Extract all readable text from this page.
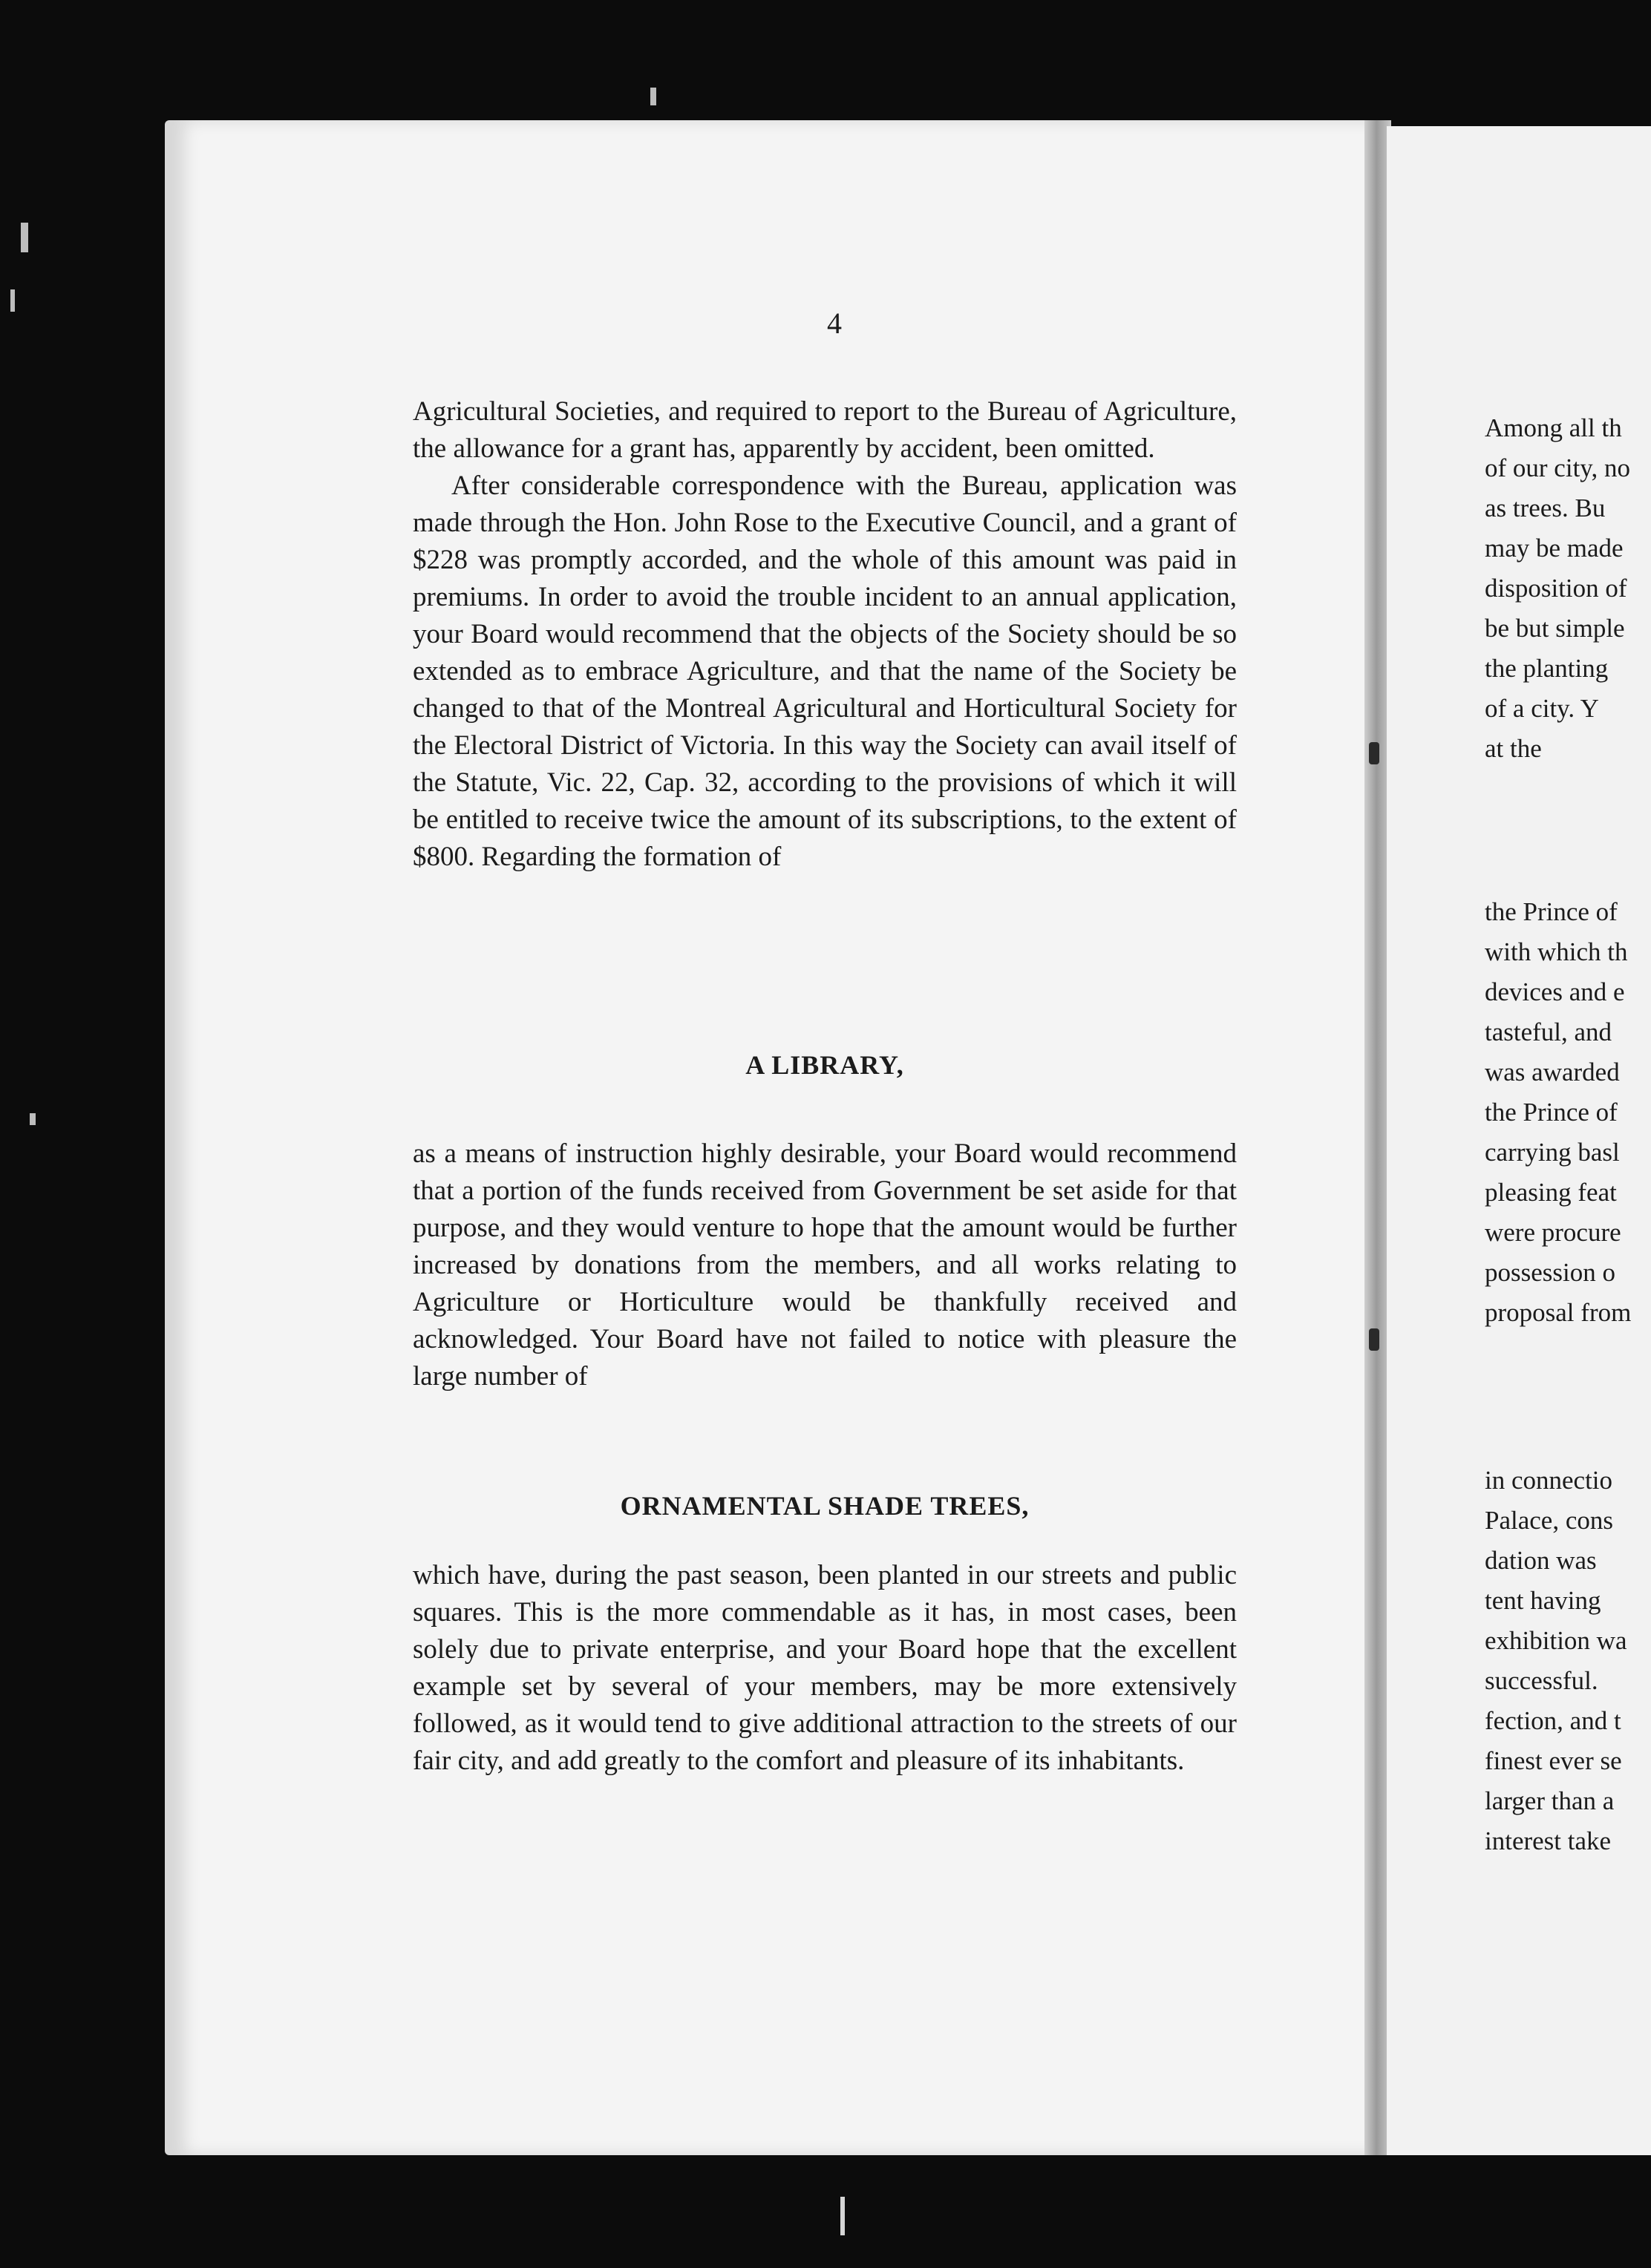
4

Agricultural Societies, and required to report to the Bureau of Agriculture, the allowance for a grant has, apparently by accident, been omitted.

After considerable correspondence with the Bureau, application was made through the Hon. John Rose to the Executive Council, and a grant of $228 was promptly accorded, and the whole of this amount was paid in premiums. In order to avoid the trouble incident to an annual application, your Board would recommend that the objects of the Society should be so extended as to embrace Agriculture, and that the name of the Society be changed to that of the Montreal Agricultural and Horticultural Society for the Electoral District of Victoria. In this way the Society can avail itself of the Statute, Vic. 22, Cap. 32, according to the provisions of which it will be entitled to receive twice the amount of its subscriptions, to the extent of $800. Regarding the formation of

A LIBRARY,

as a means of instruction highly desirable, your Board would recommend that a portion of the funds received from Government be set aside for that purpose, and they would venture to hope that the amount would be further increased by donations from the members, and all works relating to Agriculture or Horticulture would be thankfully received and acknowledged. Your Board have not failed to notice with pleasure the large number of

ORNAMENTAL SHADE TREES,

which have, during the past season, been planted in our streets and public squares. This is the more commendable as it has, in most cases, been solely due to private enterprise, and your Board hope that the excellent example set by several of your members, may be more extensively followed, as it would tend to give additional attraction to the streets of our fair city, and add greatly to the comfort and pleasure of its inhabitants.

Among all th
of our city, no
as trees. Bu
may be made
disposition of
be but simple
the planting
of a city. Y
at the
the Prince of
with which th
devices and e
tasteful, and
was awarded
the Prince of
carrying basl
pleasing feat
were procure
possession o
proposal from
in connectio
Palace, cons
dation was
tent having
exhibition wa
successful.
fection, and t
finest ever se
larger than a
interest take
